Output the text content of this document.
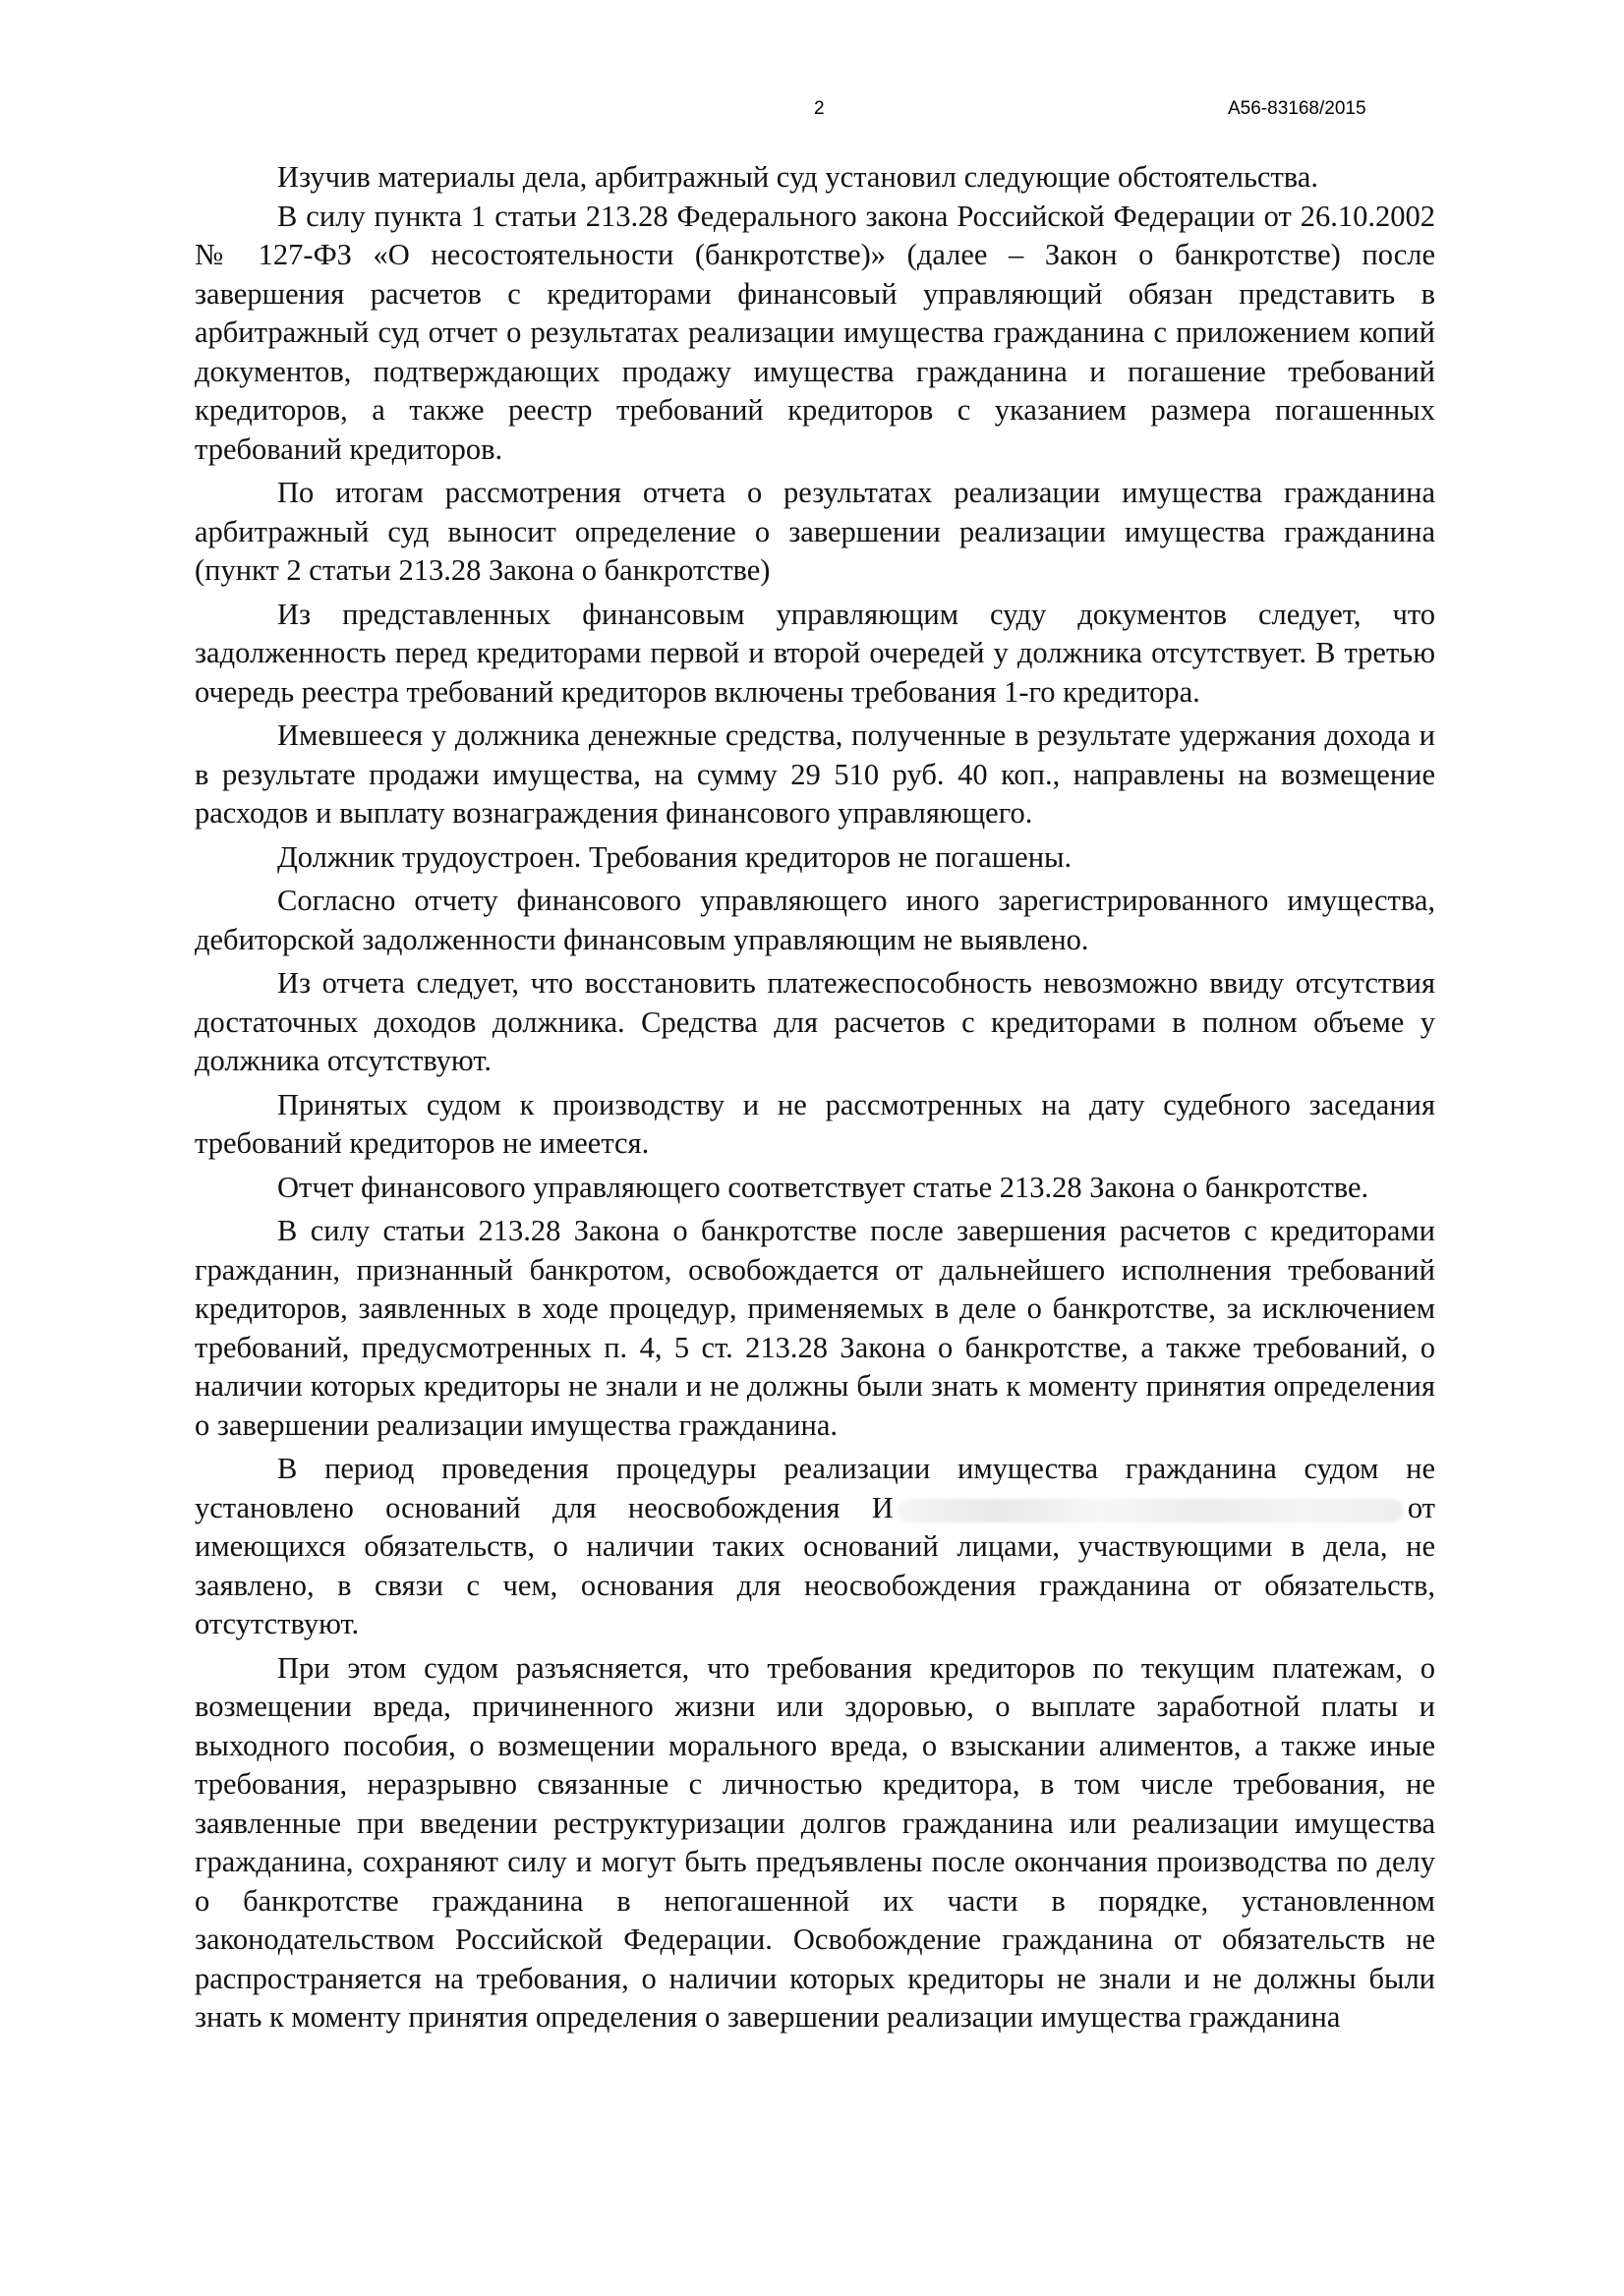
2	А56-83168/2015

Изучив материалы дела, арбитражный суд установил следующие обстоятельства.

В силу пункта 1 статьи 213.28 Федерального закона Российской Федерации от 26.10.2002 № 127-ФЗ «О несостоятельности (банкротстве)» (далее – Закон о банкротстве) после завершения расчетов с кредиторами финансовый управляющий обязан представить в арбитражный суд отчет о результатах реализации имущества гражданина с приложением копий документов, подтверждающих продажу имущества гражданина и погашение требований кредиторов, а также реестр требований кредиторов с указанием размера погашенных требований кредиторов.

По итогам рассмотрения отчета о результатах реализации имущества гражданина арбитражный суд выносит определение о завершении реализации имущества гражданина (пункт 2 статьи 213.28 Закона о банкротстве)

Из представленных финансовым управляющим суду документов следует, что задолженность перед кредиторами первой и второй очередей у должника отсутствует. В третью очередь реестра требований кредиторов включены требования 1-го кредитора.

Имевшееся у должника денежные средства, полученные в результате удержания дохода и в результате продажи имущества, на сумму 29 510 руб. 40 коп., направлены на возмещение расходов и выплату вознаграждения финансового управляющего.

Должник трудоустроен. Требования кредиторов не погашены.

Согласно отчету финансового управляющего иного зарегистрированного имущества, дебиторской задолженности финансовым управляющим не выявлено.

Из отчета следует, что восстановить платежеспособность невозможно ввиду отсутствия достаточных доходов должника. Средства для расчетов с кредиторами в полном объеме у должника отсутствуют.

Принятых судом к производству и не рассмотренных на дату судебного заседания требований кредиторов не имеется.

Отчет финансового управляющего соответствует статье 213.28 Закона о банкротстве.

В силу статьи 213.28 Закона о банкротстве после завершения расчетов с кредиторами гражданин, признанный банкротом, освобождается от дальнейшего исполнения требований кредиторов, заявленных в ходе процедур, применяемых в деле о банкротстве, за исключением требований, предусмотренных п. 4, 5 ст. 213.28 Закона о банкротстве, а также требований, о наличии которых кредиторы не знали и не должны были знать к моменту принятия определения о завершении реализации имущества гражданина.

В период проведения процедуры реализации имущества гражданина судом не установлено оснований для неосвобождения И	от имеющихся обязательств, о наличии таких оснований лицами, участвующими в дела, не заявлено, в связи с чем, основания для неосвобождения гражданина от обязательств, отсутствуют.

При этом судом разъясняется, что требования кредиторов по текущим платежам, о возмещении вреда, причиненного жизни или здоровью, о выплате заработной платы и выходного пособия, о возмещении морального вреда, о взыскании алиментов, а также иные требования, неразрывно связанные с личностью кредитора, в том числе требования, не заявленные при введении реструктуризации долгов гражданина или реализации имущества гражданина, сохраняют силу и могут быть предъявлены после окончания производства по делу о банкротстве гражданина в непогашенной их части в порядке, установленном законодательством Российской Федерации. Освобождение гражданина от обязательств не распространяется на требования, о наличии которых кредиторы не знали и не должны были знать к моменту принятия определения о завершении реализации имущества гражданина
